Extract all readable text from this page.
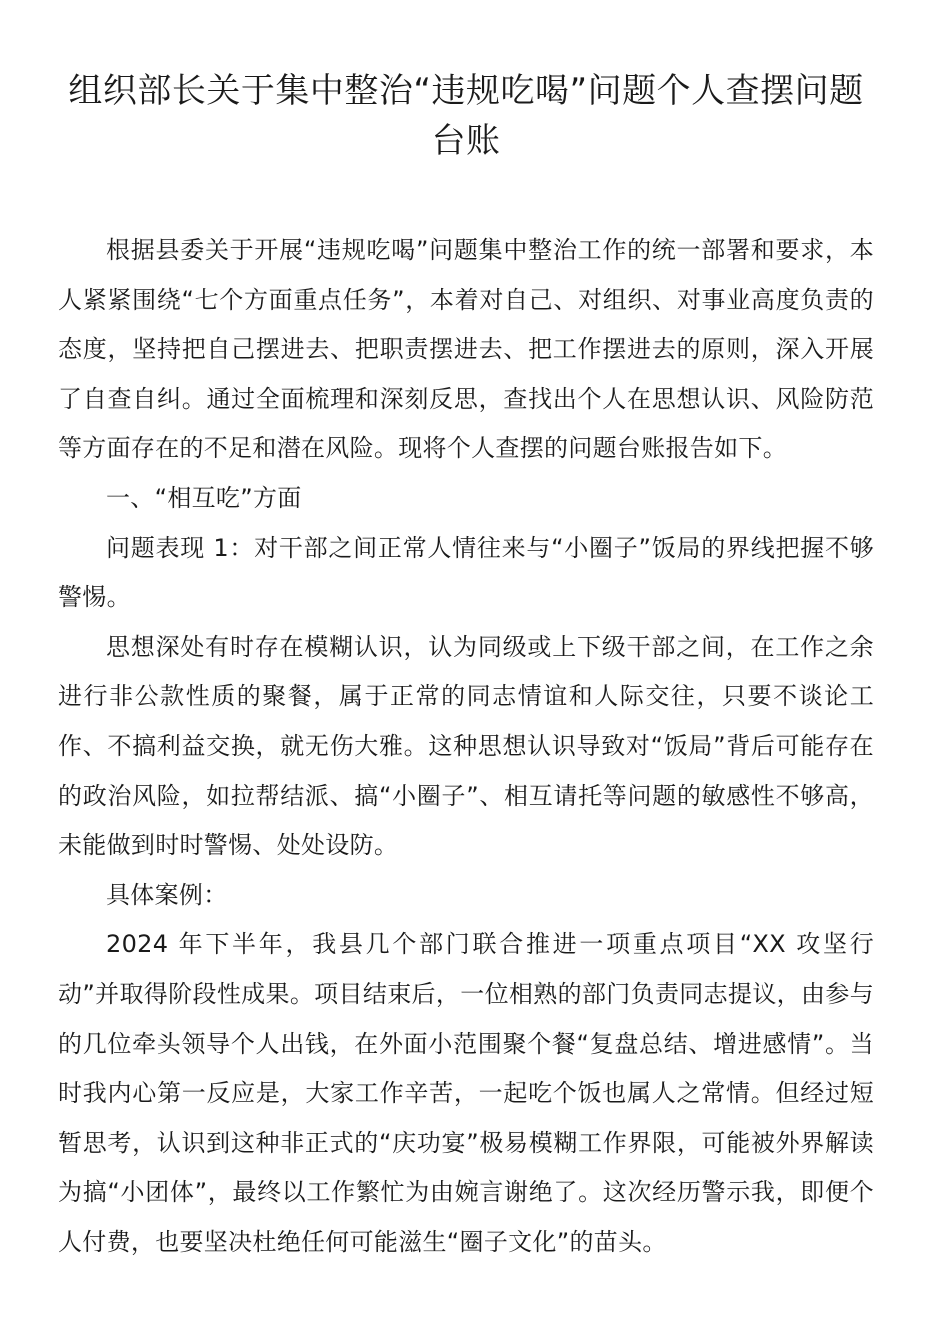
组织部长关于集中整治“违规吃喝”问题个人查摆问题台账

根据县委关于开展“违规吃喝”问题集中整治工作的统一部署和要求，本人紧紧围绕“七个方面重点任务”，本着对自己、对组织、对事业高度负责的态度，坚持把自己摆进去、把职责摆进去、把工作摆进去的原则，深入开展了自查自纠。通过全面梳理和深刻反思，查找出个人在思想认识、风险防范等方面存在的不足和潜在风险。现将个人查摆的问题台账报告如下。

一、“相互吃”方面

问题表现 1：对干部之间正常人情往来与“小圈子”饭局的界线把握不够警惕。

思想深处有时存在模糊认识，认为同级或上下级干部之间，在工作之余进行非公款性质的聚餐，属于正常的同志情谊和人际交往，只要不谈论工作、不搞利益交换，就无伤大雅。这种思想认识导致对“饭局”背后可能存在的政治风险，如拉帮结派、搞“小圈子”、相互请托等问题的敏感性不够高，未能做到时时警惕、处处设防。

具体案例：

2024 年下半年，我县几个部门联合推进一项重点项目“XX 攻坚行动”并取得阶段性成果。项目结束后，一位相熟的部门负责同志提议，由参与的几位牵头领导个人出钱，在外面小范围聚个餐“复盘总结、增进感情”。当时我内心第一反应是，大家工作辛苦，一起吃个饭也属人之常情。但经过短暂思考，认识到这种非正式的“庆功宴”极易模糊工作界限，可能被外界解读为搞“小团体”，最终以工作繁忙为由婉言谢绝了。这次经历警示我，即便个人付费，也要坚决杜绝任何可能滋生“圈子文化”的苗头。
